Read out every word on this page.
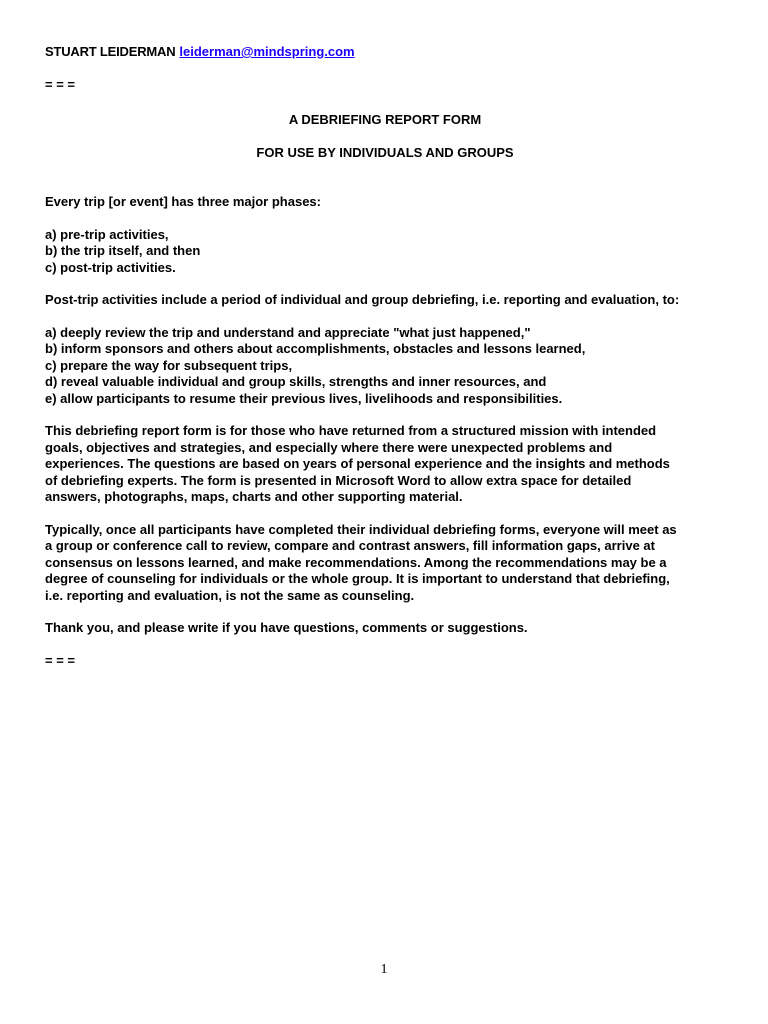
STUART LEIDERMAN leiderman@mindspring.com

= = =

A DEBRIEFING REPORT FORM

FOR USE BY INDIVIDUALS AND GROUPS

Every trip [or event] has three major phases:

a) pre-trip activities,
b) the trip itself, and then
c) post-trip activities.

Post-trip activities include a period of individual and group debriefing, i.e. reporting and evaluation, to:

a) deeply review the trip and understand and appreciate "what just happened,"
b) inform sponsors and others about accomplishments, obstacles and lessons learned,
c) prepare the way for subsequent trips,
d) reveal valuable individual and group skills, strengths and inner resources, and
e) allow participants to resume their previous lives, livelihoods and responsibilities.
This debriefing report form is for those who have returned from a structured mission with intended
goals, objectives and strategies, and especially where there were unexpected problems and
experiences. The questions are based on years of personal experience and the insights and methods
of debriefing experts. The form is presented in Microsoft Word to allow extra space for detailed
answers, photographs, maps, charts and other supporting material.
Typically, once all participants have completed their individual debriefing forms, everyone will meet as
a group or conference call to review, compare and contrast answers, fill information gaps, arrive at
consensus on lessons learned, and make recommendations. Among the recommendations may be a
degree of counseling for individuals or the whole group. It is important to understand that debriefing,
i.e. reporting and evaluation, is not the same as counseling.

Thank you, and please write if you have questions, comments or suggestions.

= = =

1
